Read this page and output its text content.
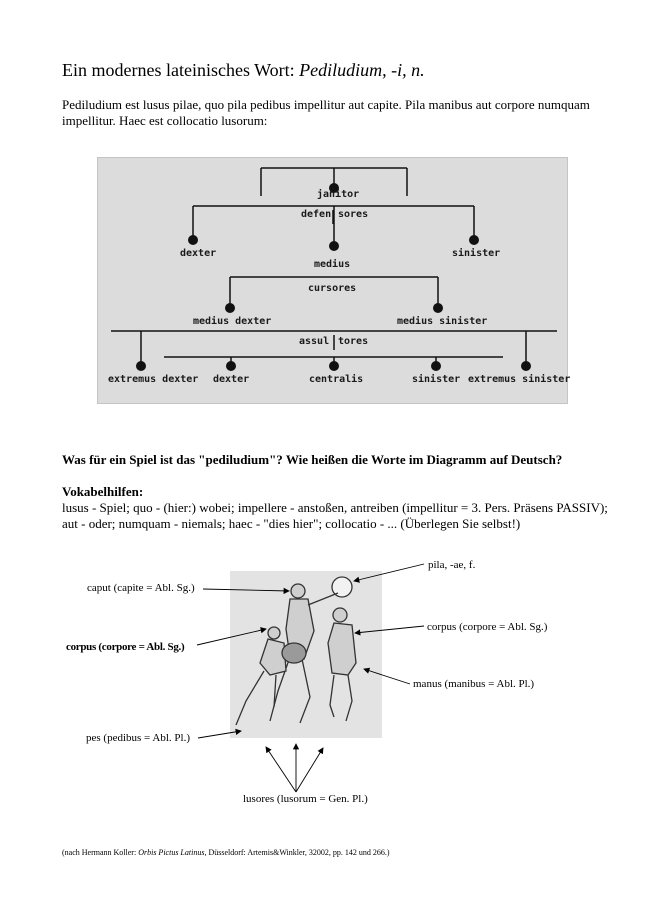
Ein modernes lateinisches Wort: Pediludium, -i, n.
Pediludium est lusus pilae, quo pila pedibus impellitur aut capite. Pila manibus aut corpore numquam impellitur. Haec est collocatio lusorum:
janitor
defen sores
dexter
medius
sinister
cursores
medius dexter	medius sinister
assul tores
extremus dexter dexter	centralis	sinister extremus sinister
Was für ein Spiel ist das "pediludium"? Wie heißen die Worte im Diagramm auf Deutsch?
Vokabelhilfen:
lusus - Spiel; quo - (hier:) wobei; impellere - anstoßen, antreiben (impellitur = 3. Pers. Präsens PASSIV); aut - oder; numquam - niemals; haec - "dies hier"; collocatio - ... (Überlegen Sie selbst!)
pila, -ae, f.
caput (capite = Abl. Sg.)
corpus (corpore = Abl. Sg.)
corpus (corpore = Abl. Sg.)
manus (manibus = Abl. Pl.)
pes (pedibus = Abl. Pl.)
lusores (lusorum = Gen. Pl.)
(nach Hermann Koller: Orbis Pictus Latinus, Düsseldorf: Artemis&Winkler, 32002, pp. 142 und 266.)
